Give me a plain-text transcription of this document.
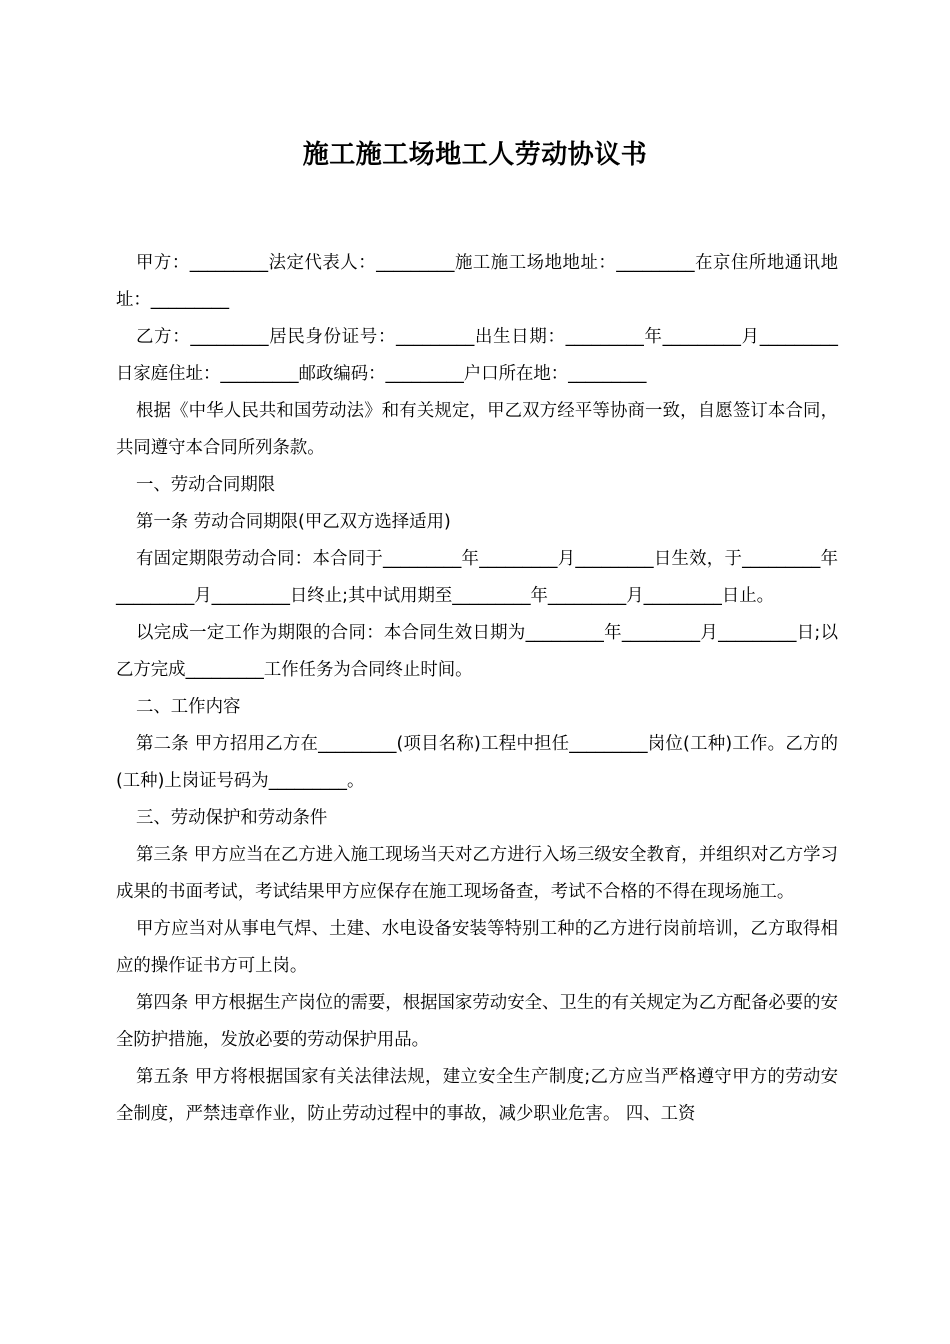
施工施工场地工人劳动协议书

甲方：_________法定代表人：_________施工施工场地地址：_________在京住所地通讯地址：_________

乙方：_________居民身份证号：_________出生日期：_________年_________月_________日家庭住址：_________邮政编码：_________户口所在地：_________

根据《中华人民共和国劳动法》和有关规定，甲乙双方经平等协商一致，自愿签订本合同，共同遵守本合同所列条款。

一、劳动合同期限

第一条 劳动合同期限(甲乙双方选择适用)

有固定期限劳动合同：本合同于_________年_________月_________日生效，于_________年_________月_________日终止;其中试用期至_________年_________月_________日止。

以完成一定工作为期限的合同：本合同生效日期为_________年_________月_________日;以乙方完成_________工作任务为合同终止时间。

二、工作内容

第二条 甲方招用乙方在_________(项目名称)工程中担任_________岗位(工种)工作。乙方的(工种)上岗证号码为_________。

三、劳动保护和劳动条件

第三条 甲方应当在乙方进入施工现场当天对乙方进行入场三级安全教育，并组织对乙方学习成果的书面考试，考试结果甲方应保存在施工现场备查，考试不合格的不得在现场施工。

甲方应当对从事电气焊、土建、水电设备安装等特别工种的乙方进行岗前培训，乙方取得相应的操作证书方可上岗。

第四条 甲方根据生产岗位的需要，根据国家劳动安全、卫生的有关规定为乙方配备必要的安全防护措施，发放必要的劳动保护用品。

第五条 甲方将根据国家有关法律法规，建立安全生产制度;乙方应当严格遵守甲方的劳动安全制度，严禁违章作业，防止劳动过程中的事故，减少职业危害。 四、工资
